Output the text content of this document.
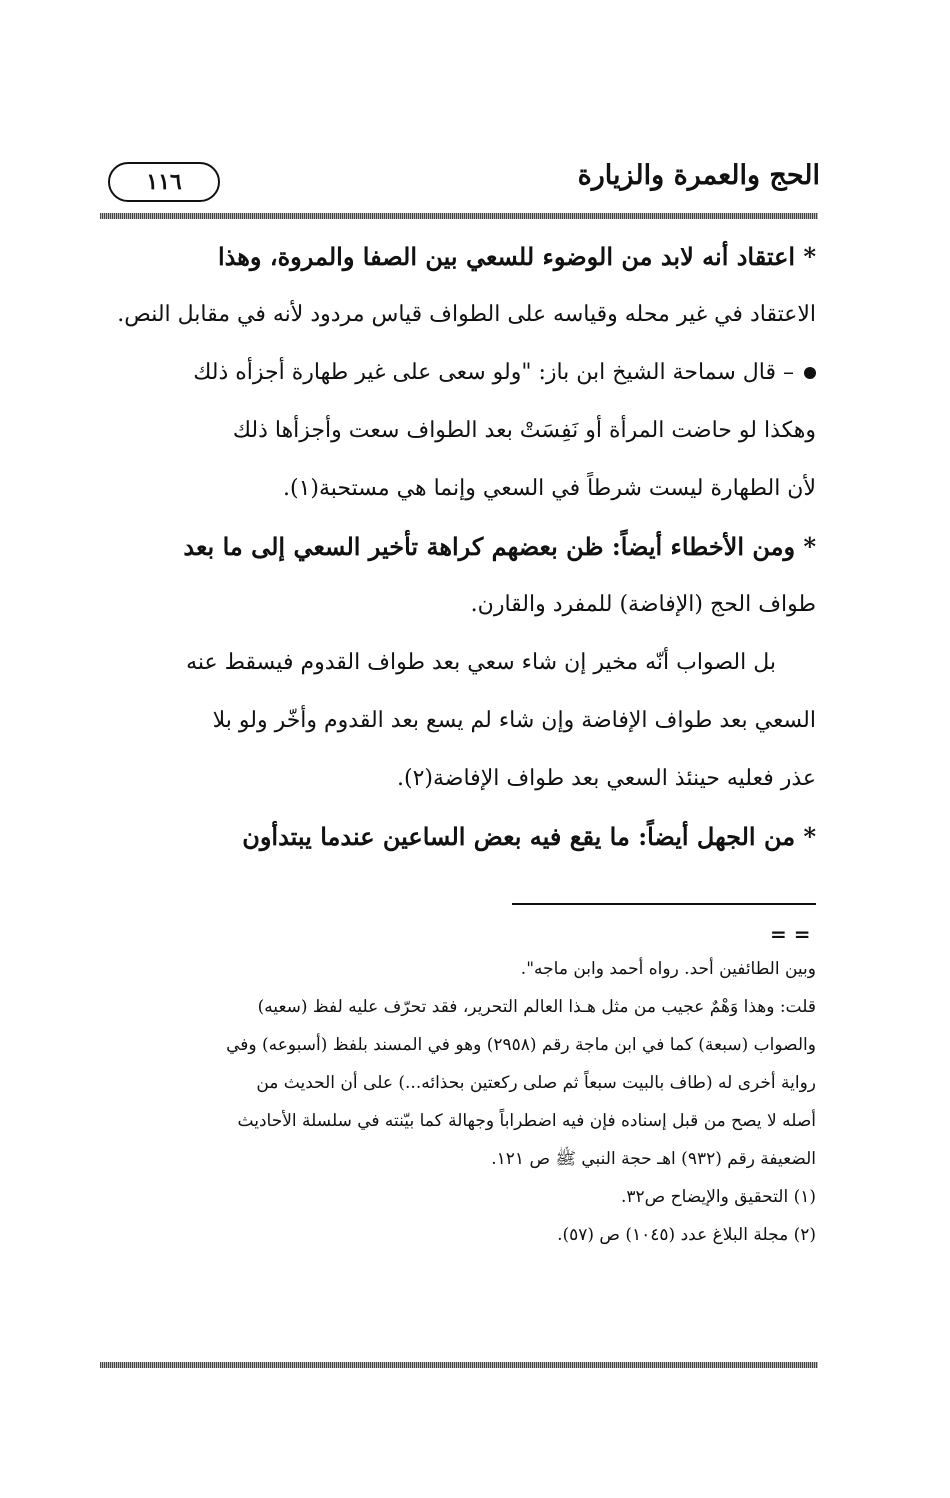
الحج والعمرة والزيارة
١١٦
* اعتقاد أنه لابد من الوضوء للسعي بين الصفا والمروة، وهذا
الاعتقاد في غير محله وقياسه على الطواف قياس مردود لأنه في مقابل النص.
– قال سماحة الشيخ ابن باز: "ولو سعى على غير طهارة أجزأه ذلك
وهكذا لو حاضت المرأة أو نَفِسَتْ بعد الطواف سعت وأجزأها ذلك
لأن الطهارة ليست شرطاً في السعي وإنما هي مستحبة(١).
* ومن الأخطاء أيضاً: ظن بعضهم كراهة تأخير السعي إلى ما بعد
طواف الحج (الإفاضة) للمفرد والقارن.
بل الصواب أنّه مخير إن شاء سعي بعد طواف القدوم فيسقط عنه
السعي بعد طواف الإفاضة وإن شاء لم يسع بعد القدوم وأخّر ولو بلا
عذر فعليه حينئذ السعي بعد طواف الإفاضة(٢).
* من الجهل أيضاً: ما يقع فيه بعض الساعين عندما يبتدأون
= =
وبين الطائفين أحد. رواه أحمد وابن ماجه".
قلت: وهذا وَهْمٌ عجيب من مثل هـذا العالم التحرير، فقد تحرّف عليه لفظ (سعيه)
والصواب (سبعة) كما في ابن ماجة رقم (٢٩٥٨) وهو في المسند بلفظ (أسبوعه) وفي
رواية أخرى له (طاف بالبيت سبعاً ثم صلى ركعتين بحذائه...) على أن الحديث من
أصله لا يصح من قبل إسناده فإن فيه اضطراباً وجهالة كما بيّنته في سلسلة الأحاديث
الضعيفة رقم (٩٣٢) اهـ حجة النبي ﷺ ص ١٢١.
(١) التحقيق والإيضاح ص٣٢.
(٢) مجلة البلاغ عدد (١٠٤٥) ص (٥٧).
